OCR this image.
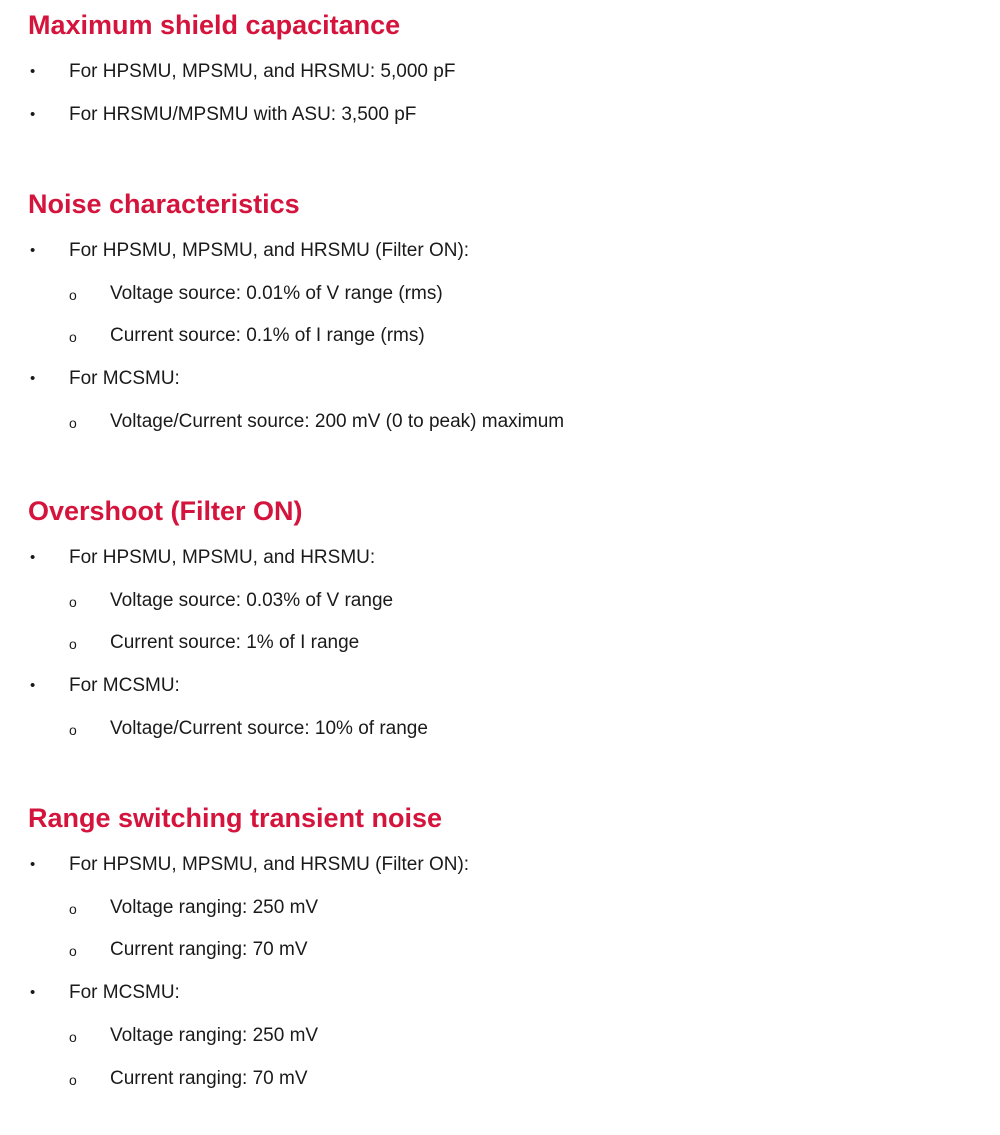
Maximum shield capacitance
• For HPSMU, MPSMU, and HRSMU: 5,000 pF
• For HRSMU/MPSMU with ASU: 3,500 pF
Noise characteristics
• For HPSMU, MPSMU, and HRSMU (Filter ON):
o Voltage source: 0.01% of V range (rms)
o Current source: 0.1% of I range (rms)
• For MCSMU:
o Voltage/Current source: 200 mV (0 to peak) maximum
Overshoot (Filter ON)
• For HPSMU, MPSMU, and HRSMU:
o Voltage source: 0.03% of V range
o Current source: 1% of I range
• For MCSMU:
o Voltage/Current source: 10% of range
Range switching transient noise
• For HPSMU, MPSMU, and HRSMU (Filter ON):
o Voltage ranging: 250 mV
o Current ranging: 70 mV
• For MCSMU:
o Voltage ranging: 250 mV
o Current ranging: 70 mV
